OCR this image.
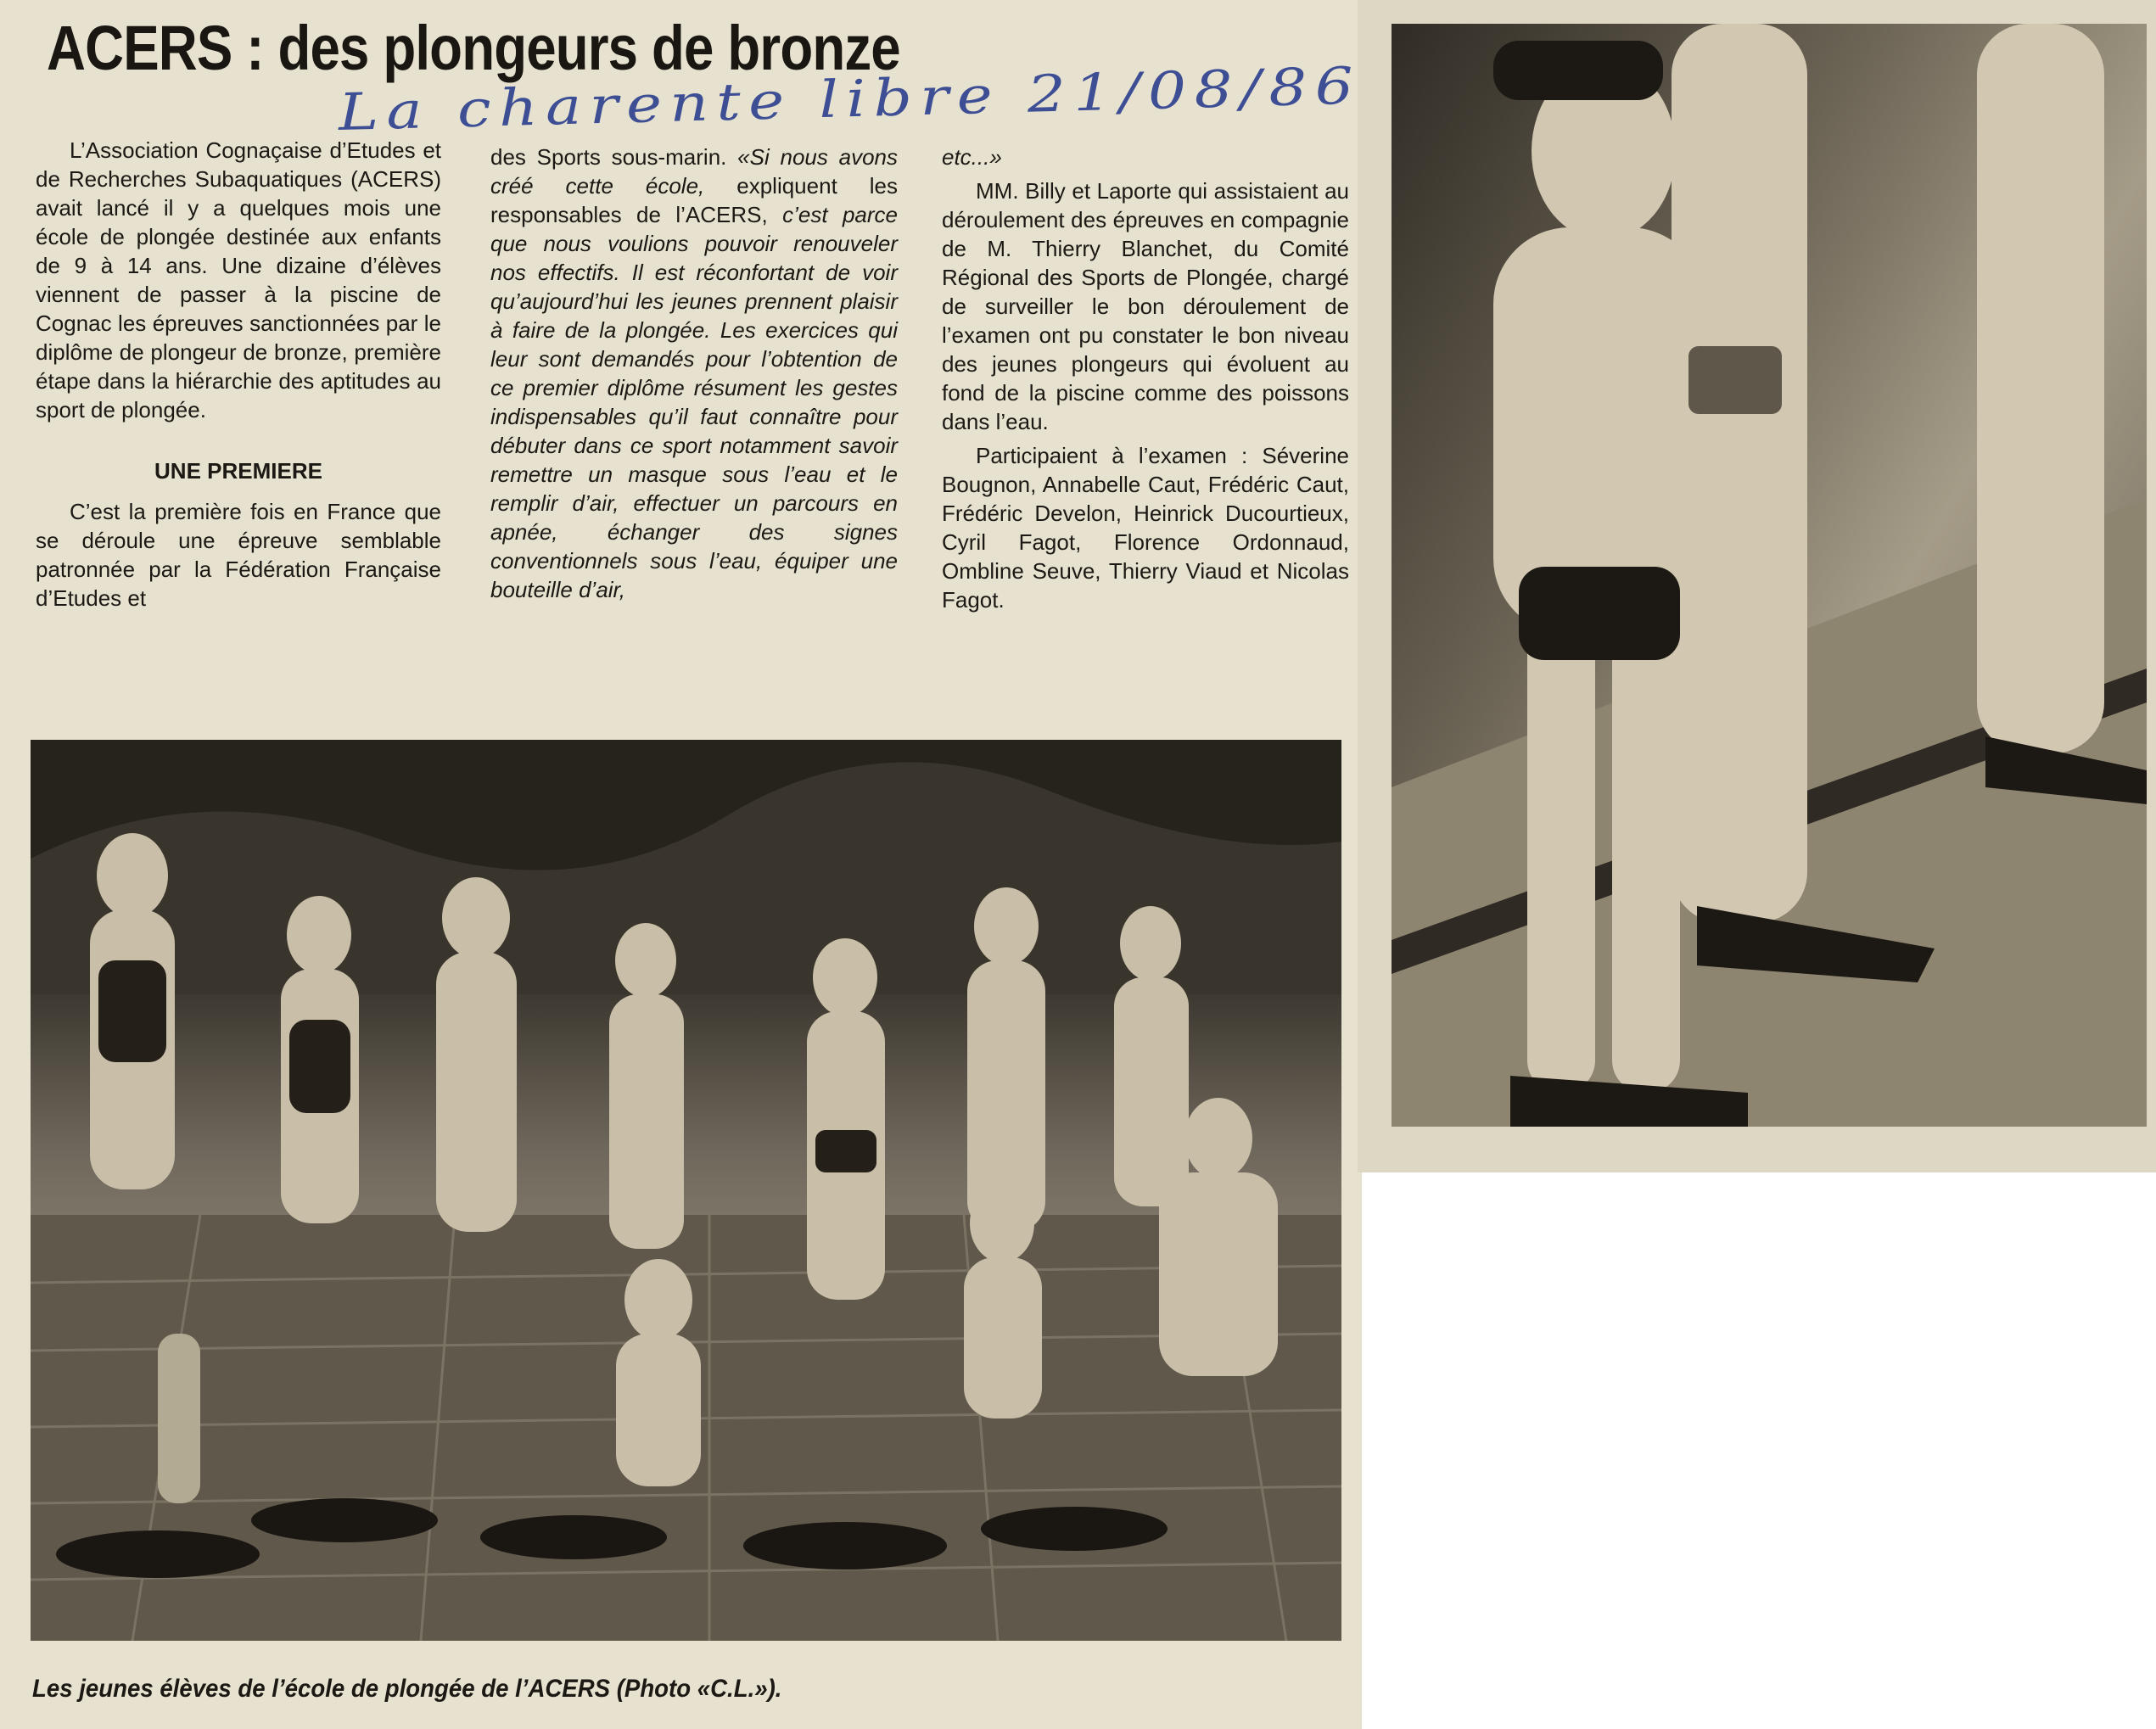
ACERS : des plongeurs de bronze
La charente libre 21/08/86

L’Association Cognaçaise d’Etudes et de Recherches Subaquatiques (ACERS) avait lancé il y a quelques mois une école de plongée destinée aux enfants de 9 à 14 ans. Une dizaine d’élèves viennent de passer à la piscine de Cognac les épreuves sanctionnées par le diplôme de plongeur de bronze, première étape dans la hiérarchie des aptitudes au sport de plongée.

UNE PREMIERE

C’est la première fois en France que se déroule une épreuve semblable patronnée par la Fédération Française d’Etudes et

des Sports sous-marin. «Si nous avons créé cette école, expliquent les responsables de l’ACERS, c’est parce que nous voulions pouvoir renouveler nos effectifs. Il est réconfortant de voir qu’aujourd’hui les jeunes prennent plaisir à faire de la plongée. Les exercices qui leur sont demandés pour l’obtention de ce premier diplôme résument les gestes indispensables qu’il faut connaître pour débuter dans ce sport notamment savoir remettre un masque sous l’eau et le remplir d’air, effectuer un parcours en apnée, échanger des signes conventionnels sous l’eau, équiper une bouteille d’air,

etc...»

MM. Billy et Laporte qui assistaient au déroulement des épreuves en compagnie de M. Thierry Blanchet, du Comité Régional des Sports de Plongée, chargé de surveiller le bon déroulement de l’examen ont pu constater le bon niveau des jeunes plongeurs qui évoluent au fond de la piscine comme des poissons dans l’eau.

Participaient à l’examen : Séverine Bougnon, Annabelle Caut, Frédéric Caut, Frédéric Develon, Heinrick Ducourtieux, Cyril Fagot, Florence Ordonnaud, Ombline Seuve, Thierry Viaud et Nicolas Fagot.

Les jeunes élèves de l’école de plongée de l’ACERS (Photo «C.L.»).
